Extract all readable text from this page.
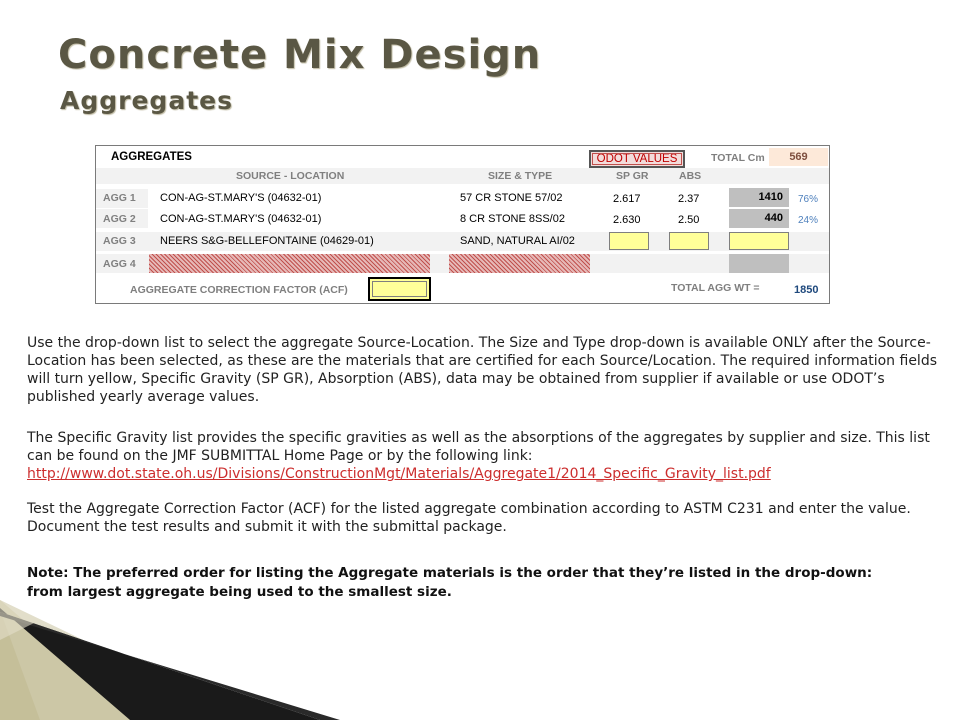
Concrete Mix Design
Aggregates
AGGREGATES	ODOT VALUES	TOTAL Cm	569
SOURCE - LOCATION	SIZE & TYPE	SP GR	ABS
AGG 1 CON-AG-ST.MARY'S (04632-01)	57 CR STONE 57/02	2.617	2.37	1410	76%
AGG 2 CON-AG-ST.MARY'S (04632-01)	8 CR STONE 8SS/02	2.630	2.50	440	24%
AGG 3 NEERS S&G-BELLEFONTAINE (04629-01)	SAND, NATURAL AI/02
AGG 4
AGGREGATE CORRECTION FACTOR (ACF)	TOTAL AGG WT =	1850
Use the drop-down list to select the aggregate Source-Location. The Size and Type drop-down is available ONLY after the Source-Location has been selected, as these are the materials that are certified for each Source/Location. The required information fields will turn yellow, Specific Gravity (SP GR), Absorption (ABS), data may be obtained from supplier if available or use ODOT’s published yearly average values.
The Specific Gravity list provides the specific gravities as well as the absorptions of the aggregates by supplier and size. This list can be found on the JMF SUBMITTAL Home Page or by the following link:
http://www.dot.state.oh.us/Divisions/ConstructionMgt/Materials/Aggregate1/2014_Specific_Gravity_list.pdf
Test the Aggregate Correction Factor (ACF) for the listed aggregate combination according to ASTM C231 and enter the value. Document the test results and submit it with the submittal package.
Note: The preferred order for listing the Aggregate materials is the order that they’re listed in the drop-down: from largest aggregate being used to the smallest size.
